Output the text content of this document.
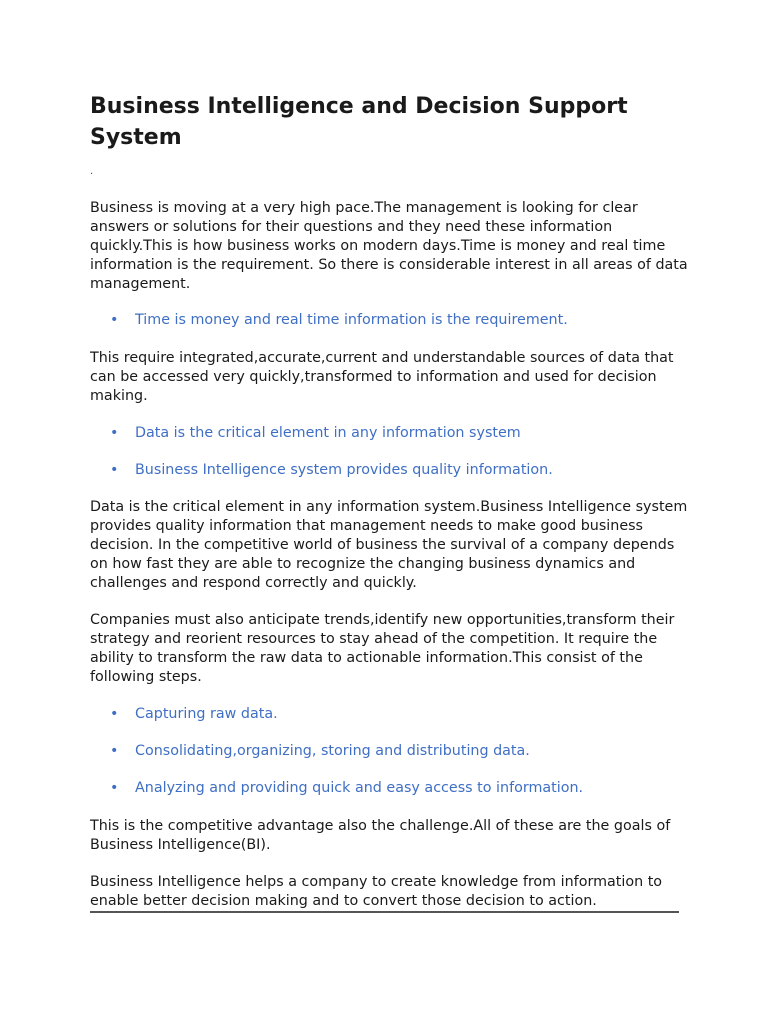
Business Intelligence and Decision Support System
.

Business is moving at a very high pace.The management is looking for clear answers or solutions for their questions and they need these information quickly.This is how business works on modern days.Time is money and real time information is the requirement. So there is considerable interest in all areas of data management.

• Time is money and real time information is the requirement.

This require integrated,accurate,current and understandable sources of data that can be accessed very quickly,transformed to information and used for decision making.

• Data is the critical element in any information system

• Business Intelligence system provides quality information.

Data is the critical element in any information system.Business Intelligence system provides quality information that management needs to make good business decision. In the competitive world of business the survival of a company depends on how fast they are able to recognize the changing business dynamics and challenges and respond correctly and quickly.

Companies must also anticipate trends,identify new opportunities,transform their strategy and reorient resources to stay ahead of the competition. It require the ability to transform the raw data to actionable information.This consist of the following steps.

• Capturing raw data.

• Consolidating,organizing, storing and distributing data.

• Analyzing and providing quick and easy access to information.

This is the competitive advantage also the challenge.All of these are the goals of Business Intelligence(BI).

Business Intelligence helps a company to create knowledge from information to enable better decision making and to convert those decision to action.
